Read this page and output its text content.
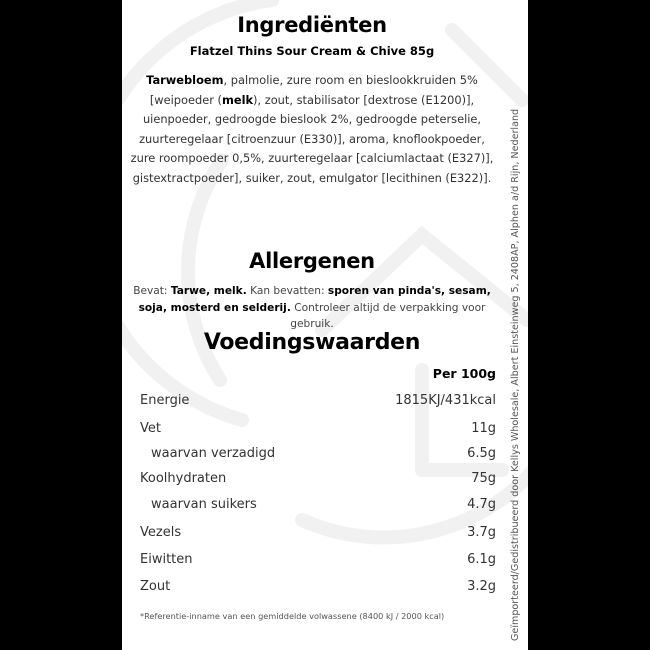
Ingrediënten
Flatzel Thins Sour Cream & Chive 85g
Tarwebloem, palmolie, zure room en bieslookkruiden 5% [weipoeder (melk), zout, stabilisator [dextrose (E1200)], uienpoeder, gedroogde bieslook 2%, gedroogde peterselie, zuurteregelaar [citroenzuur (E330)], aroma, knoflookpoeder, zure roompoeder 0,5%, zuurteregelaar [calciumlactaat (E327)], gistextractpoeder], suiker, zout, emulgator [lecithinen (E322)].
Allergenen
Bevat: Tarwe, melk. Kan bevatten: sporen van pinda's, sesam, soja, mosterd en selderij. Controleer altijd de verpakking voor gebruik.
Voedingswaarden
Per 100g
Energie	1815KJ/431kcal
Vet	11g
waarvan verzadigd	6.5g
Koolhydraten	75g
waarvan suikers	4.7g
Vezels	3.7g
Eiwitten	6.1g
Zout	3.2g
*Referentie-inname van een gemiddelde volwassene (8400 kJ / 2000 kcal)	Geïmporteerd/Gedistribueerd door Kellys Wholesale, Albert Einsteinweg 5, 2408AP, Alphen a/d Rijn, Nederland
